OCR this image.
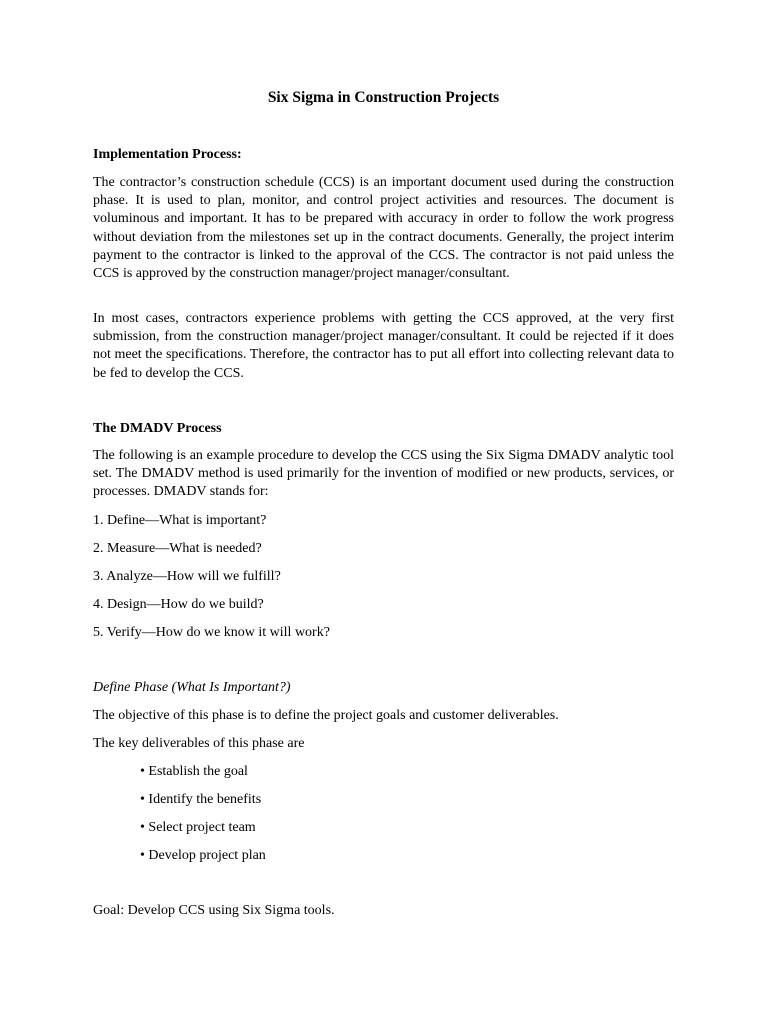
Six Sigma in Construction Projects
Implementation Process:
The contractor’s construction schedule (CCS) is an important document used during the construction phase. It is used to plan, monitor, and control project activities and resources. The document is voluminous and important. It has to be prepared with accuracy in order to follow the work progress without deviation from the milestones set up in the contract documents. Generally, the project interim payment to the contractor is linked to the approval of the CCS. The contractor is not paid unless the CCS is approved by the construction manager/project manager/consultant.
In most cases, contractors experience problems with getting the CCS approved, at the very first submission, from the construction manager/project manager/consultant. It could be rejected if it does not meet the specifications. Therefore, the contractor has to put all effort into collecting relevant data to be fed to develop the CCS.
The DMADV Process
The following is an example procedure to develop the CCS using the Six Sigma DMADV analytic tool set. The DMADV method is used primarily for the invention of modified or new products, services, or processes. DMADV stands for:
1. Define—What is important?
2. Measure—What is needed?
3. Analyze—How will we fulfill?
4. Design—How do we build?
5. Verify—How do we know it will work?
Define Phase (What Is Important?)
The objective of this phase is to define the project goals and customer deliverables.
The key deliverables of this phase are
• Establish the goal
• Identify the benefits
• Select project team
• Develop project plan
Goal: Develop CCS using Six Sigma tools.
